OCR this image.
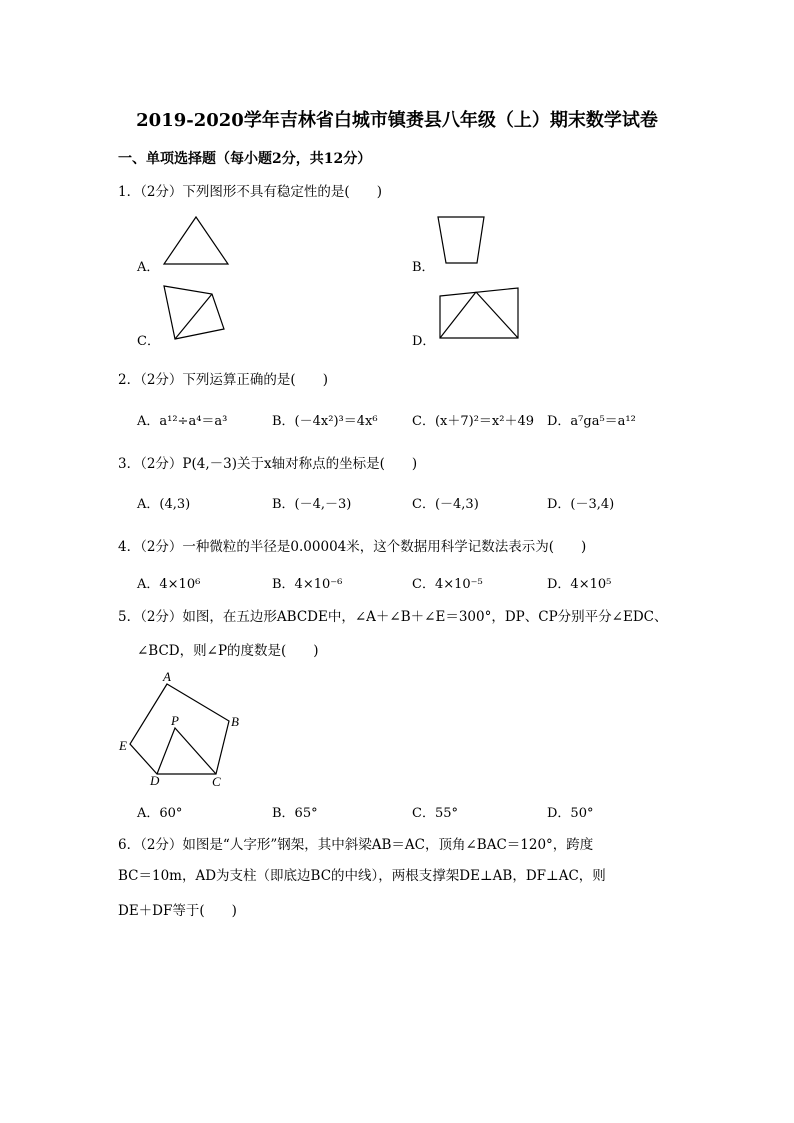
2019-2020学年吉林省白城市镇赉县八年级（上）期末数学试卷
一、单项选择题（每小题2分，共12分）
1．（2分）下列图形不具有稳定性的是(　　)
A．	B．
C．	D．
2．（2分）下列运算正确的是(　　)
A．a¹²÷a⁴＝a³	B．(－4x²)³＝4x⁶	C．(x＋7)²＝x²＋49 D．a⁷gа⁵＝a¹²
3．（2分）P(4,－3)关于x轴对称点的坐标是(　　)
A．(4,3)	B．(－4,－3)	C．(－4,3)	D．(－3,4)
4．（2分）一种微粒的半径是0.00004米，这个数据用科学记数法表示为(　　)
A．4×10⁶	B．4×10⁻⁶	C．4×10⁻⁵	D．4×10⁵
5．（2分）如图，在五边形ABCDE中，∠A＋∠B＋∠E＝300°，DP、CP分别平分∠EDC、
∠BCD，则∠P的度数是(　　)
A
B
C
D
E
P
A．60°	B．65°	C．55°	D．50°
6．（2分）如图是“人字形”钢架，其中斜梁AB＝AC，顶角∠BAC＝120°，跨度
BC＝10m，AD为支柱（即底边BC的中线），两根支撑架DE⊥AB，DF⊥AC，则
DE＋DF等于(　　)
